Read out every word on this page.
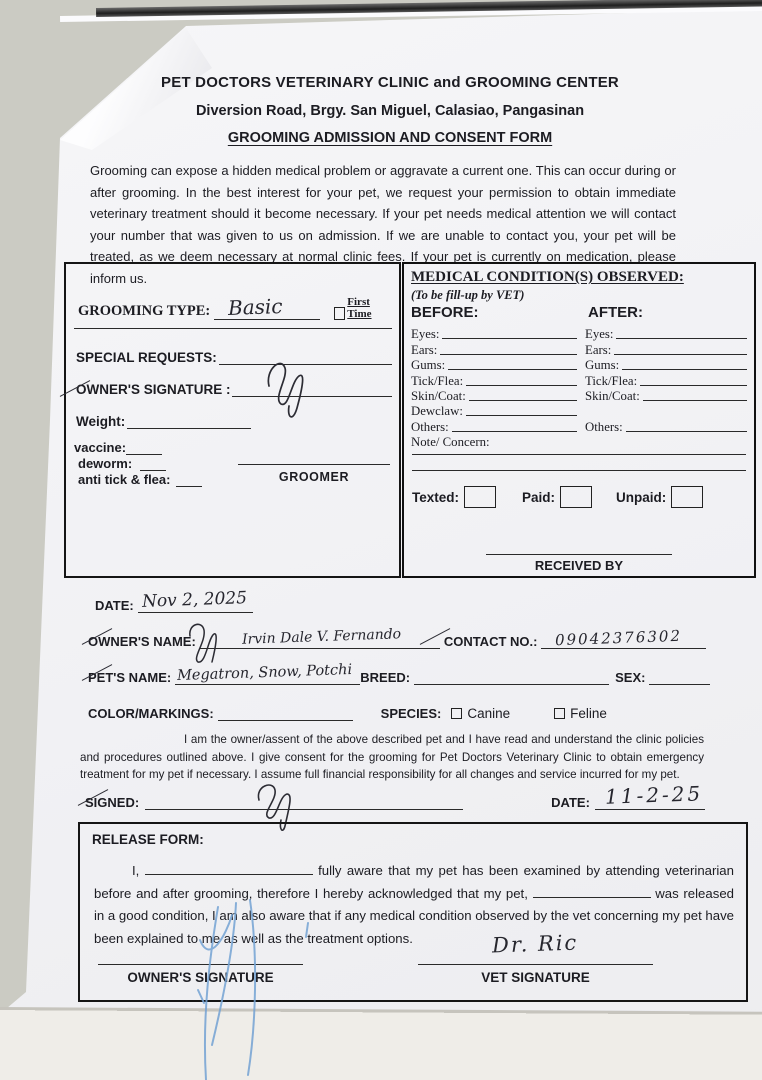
PET DOCTORS VETERINARY CLINIC and GROOMING CENTER
Diversion Road, Brgy. San Miguel, Calasiao, Pangasinan
GROOMING ADMISSION AND CONSENT FORM
Grooming can expose a hidden medical problem or aggravate a current one. This can occur during or after grooming. In the best interest for your pet, we request your permission to obtain immediate veterinary treatment should it become necessary. If your pet needs medical attention we will contact your number that was given to us on admission. If we are unable to contact you, your pet will be treated, as we deem necessary at normal clinic fees. If your pet is currently on medication, please inform us.
GROOMING TYPE: Basic	First Time
SPECIAL REQUESTS:
OWNER'S SIGNATURE :
Weight:
vaccine:
deworm:
anti tick & flea:	GROOMER
MEDICAL CONDITION(S) OBSERVED:
(To be fill-up by VET)
BEFORE:	AFTER:
Eyes:	Eyes:
Ears:	Ears:
Gums:	Gums:
Tick/Flea:	Tick/Flea:
Skin/Coat:	Skin/Coat:
Dewclaw:
Others:	Others:
Note/ Concern:
Texted:	Paid:	Unpaid:
RECEIVED BY
DATE: Nov 2, 2025
OWNER'S NAME:	Irvin Dale V. Fernando	CONTACT NO.: 09042376302
PET'S NAME: Megatron, Snow, Potchi BREED:	SEX:
COLOR/MARKINGS:	SPECIES: Canine	Feline
I am the owner/assent of the above described pet and I have read and understand the clinic policies and procedures outlined above. I give consent for the grooming for Pet Doctors Veterinary Clinic to obtain emergency treatment for my pet if necessary. I assume full financial responsibility for all changes and service incurred for my pet.
SIGNED:	DATE: 11-2-25
RELEASE FORM:
I,	fully aware that my pet has been examined by attending veterinarian before and after grooming, therefore I hereby acknowledged that my pet,	was released in a good condition, I am also aware that if any medical condition observed by the vet concerning my pet have been explained to me as well as the treatment options.
OWNER'S SIGNATURE	VET SIGNATURE
Dr. Ric
